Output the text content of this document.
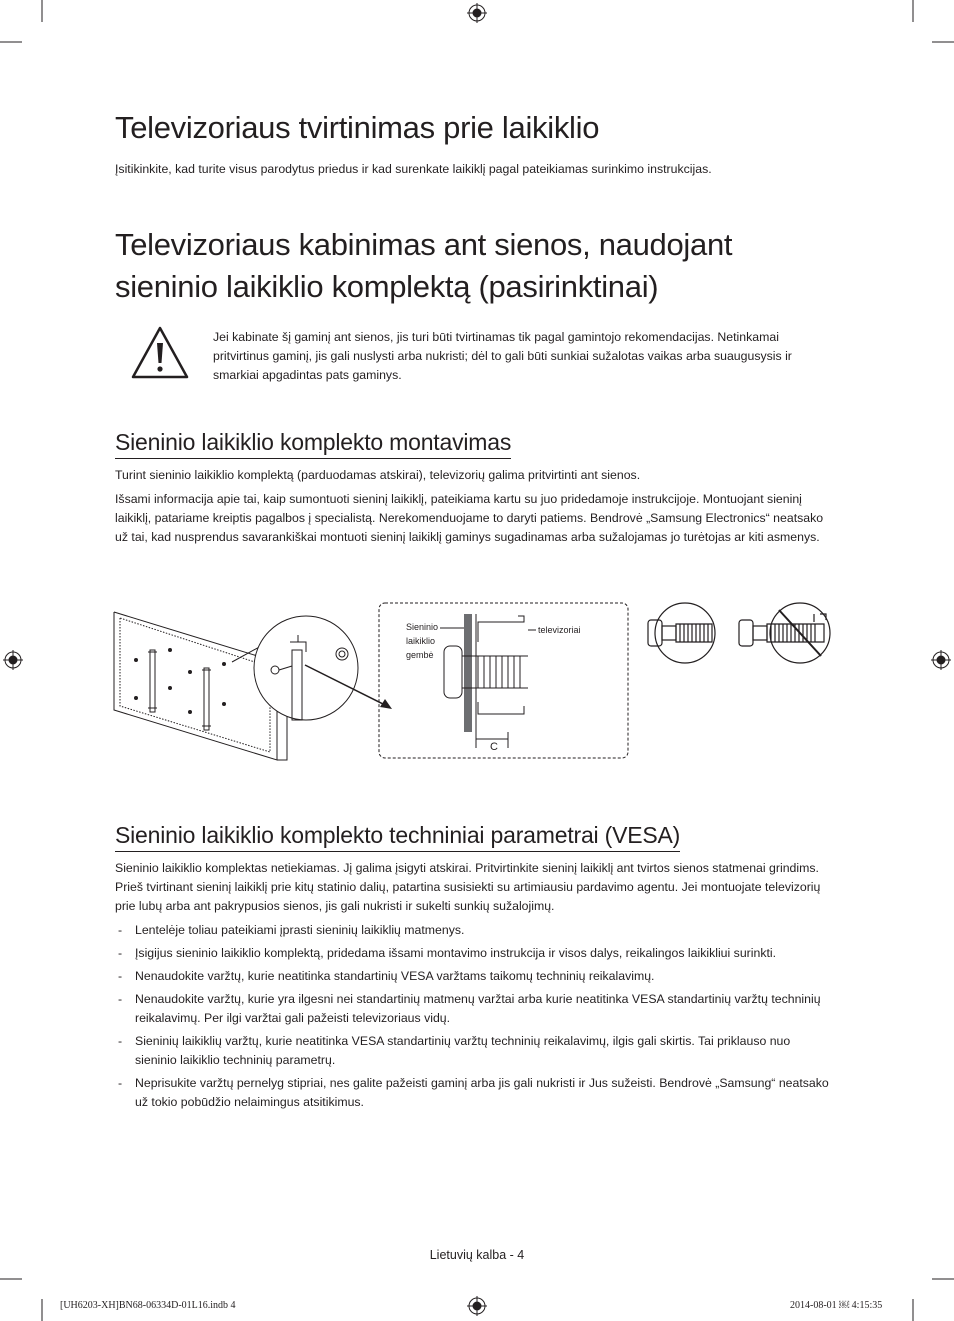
Televizoriaus tvirtinimas prie laikiklio

Įsitikinkite, kad turite visus parodytus priedus ir kad surenkate laikiklį pagal pateikiamas surinkimo instrukcijas.

Televizoriaus kabinimas ant sienos, naudojant
sieninio laikiklio komplektą (pasirinktinai)

Jei kabinate šį gaminį ant sienos, jis turi būti tvirtinamas tik pagal gamintojo rekomendacijas. Netinkamai pritvirtinus gaminį, jis gali nuslysti arba nukristi; dėl to gali būti sunkiai sužalotas vaikas arba suaugusysis ir smarkiai apgadintas pats gaminys.

Sieninio laikiklio komplekto montavimas

Turint sieninio laikiklio komplektą (parduodamas atskirai), televizorių galima pritvirtinti ant sienos.

Išsami informacija apie tai, kaip sumontuoti sieninį laikiklį, pateikiama kartu su juo pridedamoje instrukcijoje. Montuojant sieninį laikiklį, patariame kreiptis pagalbos į specialistą. Nerekomenduojame to daryti patiems. Bendrovė „Samsung Electronics“ neatsako už tai, kad nusprendus savarankiškai montuoti sieninį laikiklį gaminys sugadinamas arba sužalojamas jo turėtojas ar kiti asmenys.

Sieninio
laikiklio
gembė
televizoriai
C
Sieninio laikiklio komplekto techniniai parametrai (VESA)

Sieninio laikiklio komplektas netiekiamas. Jį galima įsigyti atskirai. Pritvirtinkite sieninį laikiklį ant tvirtos sienos statmenai grindims. Prieš tvirtinant sieninį laikiklį prie kitų statinio dalių, patartina susisiekti su artimiausiu pardavimo agentu. Jei montuojate televizorių prie lubų arba ant pakrypusios sienos, jis gali nukristi ir sukelti sunkių sužalojimų.

- Lentelėje toliau pateikiami įprasti sieninių laikiklių matmenys.
- Įsigijus sieninio laikiklio komplektą, pridedama išsami montavimo instrukcija ir visos dalys, reikalingos laikikliui surinkti.
- Nenaudokite varžtų, kurie neatitinka standartinių VESA varžtams taikomų techninių reikalavimų.
- Nenaudokite varžtų, kurie yra ilgesni nei standartinių matmenų varžtai arba kurie neatitinka VESA standartinių varžtų techninių reikalavimų. Per ilgi varžtai gali pažeisti televizoriaus vidų.
- Sieninių laikiklių varžtų, kurie neatitinka VESA standartinių varžtų techninių reikalavimų, ilgis gali skirtis. Tai priklauso nuo sieninio laikiklio techninių parametrų.
- Neprisukite varžtų pernelyg stipriai, nes galite pažeisti gaminį arba jis gali nukristi ir Jus sužeisti. Bendrovė „Samsung“ neatsako už tokio pobūdžio nelaimingus atsitikimus.
Lietuvių kalba - 4
[UH6203-XH]BN68-06334D-01L16.indb 4	2014-08-01 ￼ 4:15:35
